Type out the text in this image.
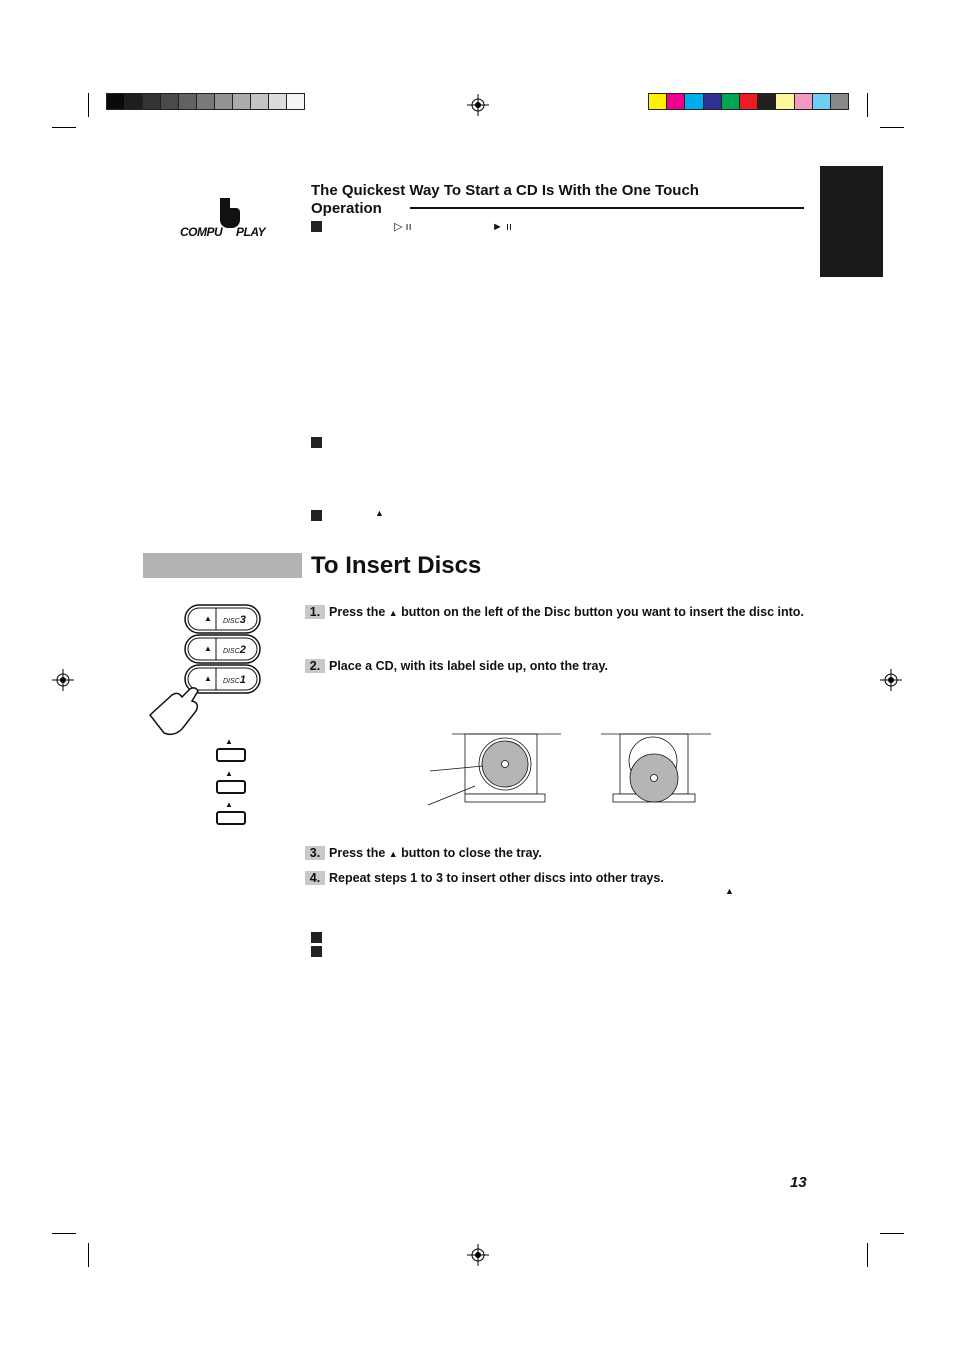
COMPU PLAY
The Quickest Way To Start a CD Is With the One Touch
Operation
▷ ıı	► ıı
▲
To Insert Discs
▲
▲
▲
DISC3
DISC2
DISC1
▲
▲
▲
1. Press the ▲ button on the left of the Disc button you want to insert the disc into.
2. Place a CD, with its label side up, onto the tray.
3. Press the ▲ button to close the tray.
4. Repeat steps 1 to 3 to insert other discs into other trays.
▲
13
